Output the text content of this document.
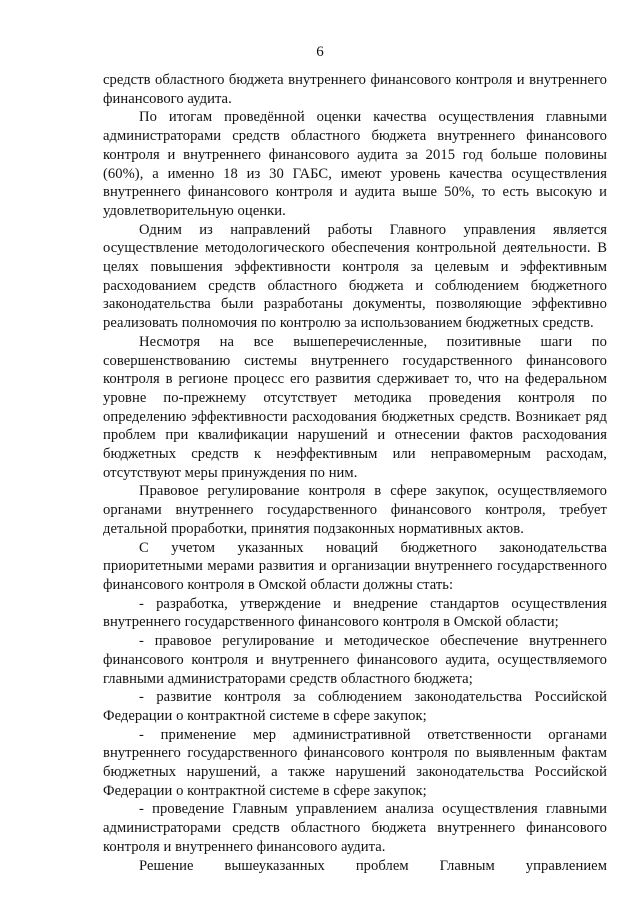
6

средств областного бюджета внутреннего финансового контроля и внутреннего финансового аудита.

По итогам проведённой оценки качества осуществления главными администраторами средств областного бюджета внутреннего финансового контроля и внутреннего финансового аудита за 2015 год больше половины (60%), а именно 18 из 30 ГАБС, имеют уровень качества осуществления внутреннего финансового контроля и аудита выше 50%, то есть высокую и удовлетворительную оценки.

Одним из направлений работы Главного управления является осуществление методологического обеспечения контрольной деятельности. В целях повышения эффективности контроля за целевым и эффективным расходованием средств областного бюджета и соблюдением бюджетного законодательства были разработаны документы, позволяющие эффективно реализовать полномочия по контролю за использованием бюджетных средств.

Несмотря на все вышеперечисленные, позитивные шаги по совершенствованию системы внутреннего государственного финансового контроля в регионе процесс его развития сдерживает то, что на федеральном уровне по-прежнему отсутствует методика проведения контроля по определению эффективности расходования бюджетных средств. Возникает ряд проблем при квалификации нарушений и отнесении фактов расходования бюджетных средств к неэффективным или неправомерным расходам, отсутствуют меры принуждения по ним.

Правовое регулирование контроля в сфере закупок, осуществляемого органами внутреннего государственного финансового контроля, требует детальной проработки, принятия подзаконных нормативных актов.

С учетом указанных новаций бюджетного законодательства приоритетными мерами развития и организации внутреннего государственного финансового контроля в Омской области должны стать:

- разработка, утверждение и внедрение стандартов осуществления внутреннего государственного финансового контроля в Омской области;

- правовое регулирование и методическое обеспечение внутреннего финансового контроля и внутреннего финансового аудита, осуществляемого главными администраторами средств областного бюджета;

- развитие контроля за соблюдением законодательства Российской Федерации о контрактной системе в сфере закупок;

- применение мер административной ответственности органами внутреннего государственного финансового контроля по выявленным фактам бюджетных нарушений, а также нарушений законодательства Российской Федерации о контрактной системе в сфере закупок;

- проведение Главным управлением анализа осуществления главными администраторами средств областного бюджета внутреннего финансового контроля и внутреннего финансового аудита.

Решение вышеуказанных проблем Главным управлением
